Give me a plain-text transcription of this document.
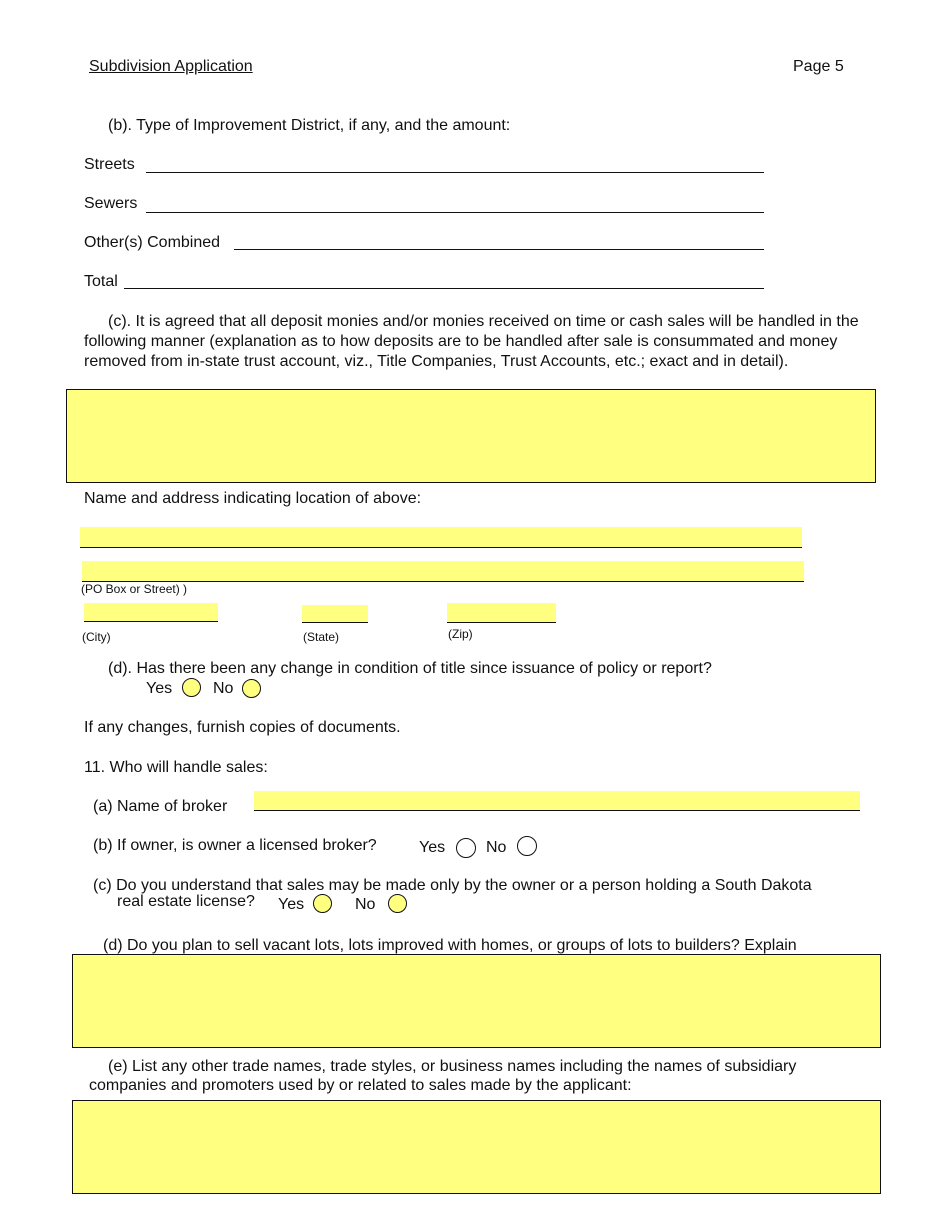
Subdivision Application	Page 5
(b). Type of Improvement District, if any, and the amount:
Streets
Sewers
Other(s) Combined
Total
(c). It is agreed that all deposit monies and/or monies received on time or cash sales will be handled in the following manner (explanation as to how deposits are to be handled after sale is consummated and money removed from in-state trust account, viz., Title Companies, Trust Accounts, etc.; exact and in detail).
Name and address indicating location of above:
(PO Box or Street) )
(City)	(State)	(Zip)
(d). Has there been any change in condition of title since issuance of policy or report?
Yes	No
If any changes, furnish copies of documents.
11. Who will handle sales:
(a) Name of broker
(b) If owner, is owner a licensed broker?	Yes	No
(c) Do you understand that sales may be made only by the owner or a person holding a South Dakota
real estate license? Yes	No
(d) Do you plan to sell vacant lots, lots improved with homes, or groups of lots to builders? Explain
(e) List any other trade names, trade styles, or business names including the names of subsidiary
companies and promoters used by or related to sales made by the applicant:
